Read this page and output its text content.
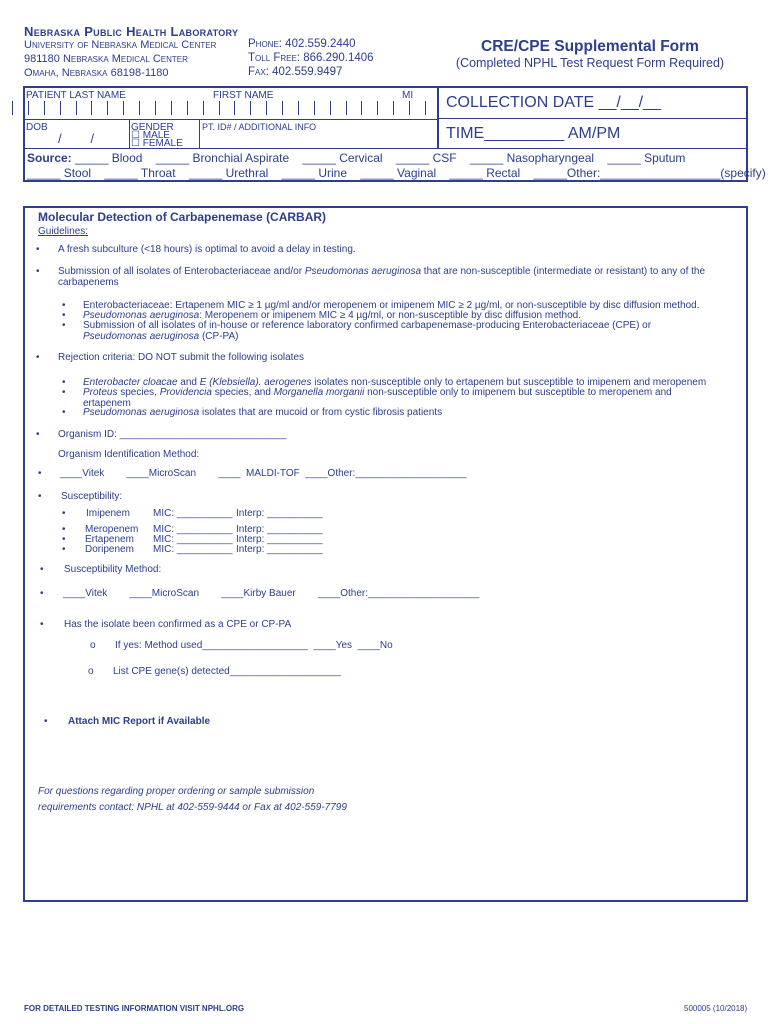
Nebraska Public Health Laboratory
University of Nebraska Medical Center
981180 Nebraska Medical Center
Omaha, Nebraska 68198-1180
Phone: 402.559.2440
Toll Free: 866.290.1406
Fax: 402.559.9497
CRE/CPE Supplemental Form
(Completed NPHL Test Request Form Required)
PATIENT LAST NAME	FIRST NAME	MI
DOB
/        /
GENDER
☐ MALE
☐ FEMALE
PT. ID# / ADDITIONAL INFO
COLLECTION DATE __/__/__
TIME_________ AM/PM
Source: _____ Blood    _____ Bronchial Aspirate    _____ Cervical    _____ CSF    _____ Nasopharyngeal    _____ Sputum
_____ Stool    _____ Throat    _____ Urethral    _____ Urine    _____ Vaginal    _____ Rectal    _____Other:__________________(specify)
Molecular Detection of Carbapenemase (CARBAR)
Guidelines:
• A fresh subculture (<18 hours) is optimal to avoid a delay in testing.
• Submission of all isolates of Enterobacteriaceae and/or Pseudomonas aeruginosa that are non-susceptible (intermediate or resistant) to any of the
carbapenems
• Enterobacteriaceae: Ertapenem MIC ≥ 1 µg/ml and/or meropenem or imipenem MIC ≥ 2 µg/ml, or non-susceptible by disc diffusion method.
• Pseudomonas aeruginosa: Meropenem or imipenem MIC ≥ 4 µg/ml, or non-susceptible by disc diffusion method.
• Submission of all isolates of in-house or reference laboratory confirmed carbapenemase-producing Enterobacteriaceae (CPE) or
Pseudomonas aeruginosa (CP-PA)
• Rejection criteria: DO NOT submit the following isolates
• Enterobacter cloacae and E (Klebsiella). aerogenes isolates non-susceptible only to ertapenem but susceptible to imipenem and meropenem
• Proteus species, Providencia species, and Morganella morganii non-susceptible only to imipenem but susceptible to meropenem and
ertapenem
• Pseudomonas aeruginosa isolates that are mucoid or from cystic fibrosis patients
• Organism ID: ______________________________
Organism Identification Method:
• ____Vitek        ____MicroScan        ____  MALDI-TOF  ____Other:____________________
• Susceptibility:
• Imipenem MIC: __________ Interp: __________
• Meropenem MIC: __________ Interp: __________
• Ertapenem MIC: __________ Interp: __________
• Doripenem MIC: __________ Interp: __________
• Susceptibility Method:
• ____Vitek        ____MicroScan        ____Kirby Bauer        ____Other:____________________
• Has the isolate been confirmed as a CPE or CP-PA
o If yes: Method used___________________  ____Yes  ____No
o List CPE gene(s) detected____________________
• Attach MIC Report if Available
For questions regarding proper ordering or sample submission
requirements contact: NPHL at 402-559-9444 or Fax at 402-559-7799
FOR DETAILED TESTING INFORMATION VISIT NPHL.ORG	500005 (10/2018)
